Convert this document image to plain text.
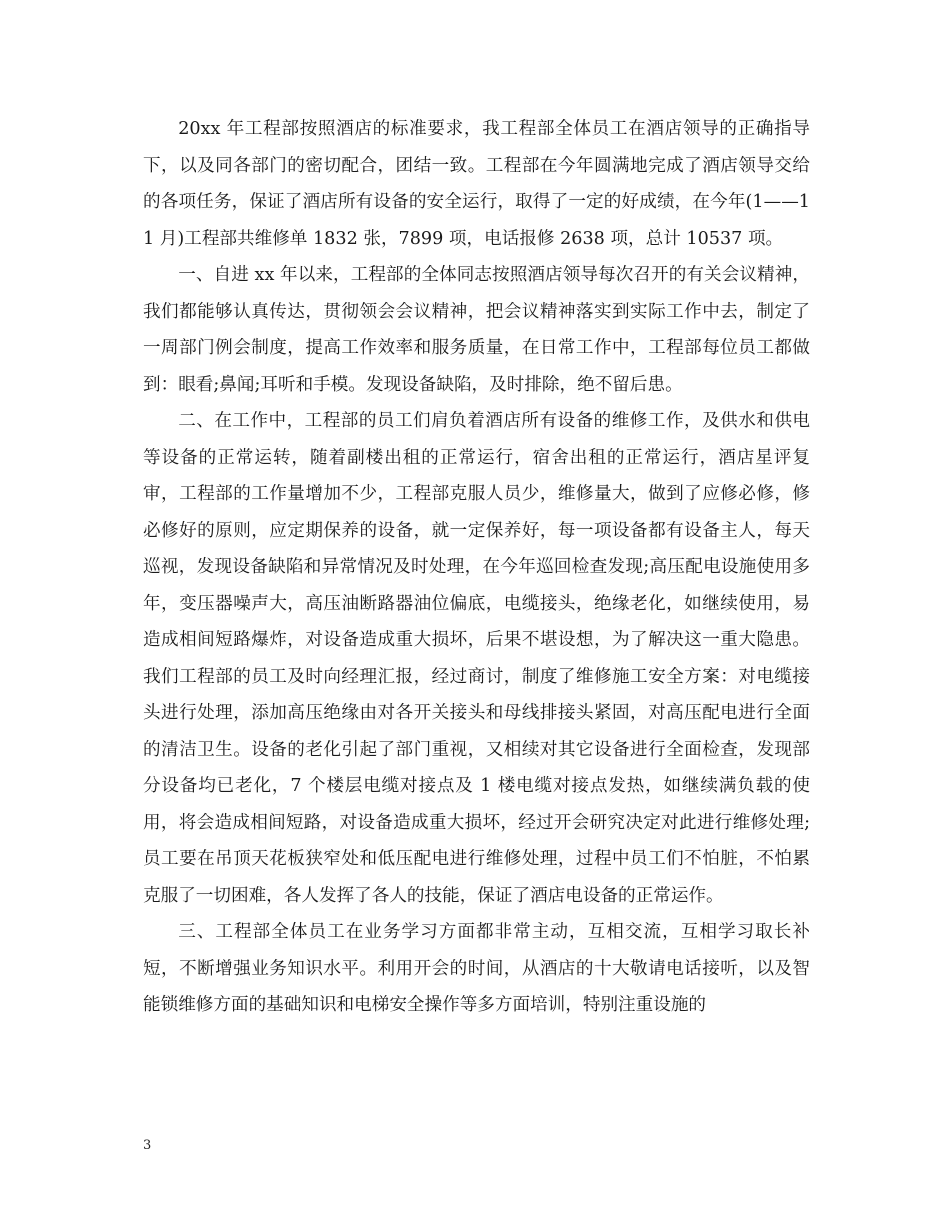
20xx 年工程部按照酒店的标准要求，我工程部全体员工在酒店领导的正确指导下，以及同各部门的密切配合，团结一致。工程部在今年圆满地完成了酒店领导交给的各项任务，保证了酒店所有设备的安全运行，取得了一定的好成绩，在今年(1——11 月)工程部共维修单 1832 张，7899 项，电话报修 2638 项，总计 10537 项。

一、自进 xx 年以来，工程部的全体同志按照酒店领导每次召开的有关会议精神，我们都能够认真传达，贯彻领会会议精神，把会议精神落实到实际工作中去，制定了一周部门例会制度，提高工作效率和服务质量，在日常工作中，工程部每位员工都做到：眼看;鼻闻;耳听和手模。发现设备缺陷，及时排除，绝不留后患。

二、在工作中，工程部的员工们肩负着酒店所有设备的维修工作，及供水和供电等设备的正常运转，随着副楼出租的正常运行，宿舍出租的正常运行，酒店星评复审，工程部的工作量增加不少，工程部克服人员少，维修量大，做到了应修必修，修必修好的原则，应定期保养的设备，就一定保养好，每一项设备都有设备主人，每天巡视，发现设备缺陷和异常情况及时处理，在今年巡回检查发现;高压配电设施使用多年，变压器噪声大，高压油断路器油位偏底，电缆接头，绝缘老化，如继续使用，易造成相间短路爆炸，对设备造成重大损坏，后果不堪设想，为了解决这一重大隐患。我们工程部的员工及时向经理汇报，经过商讨，制度了维修施工安全方案：对电缆接头进行处理，添加高压绝缘由对各开关接头和母线排接头紧固，对高压配电进行全面的清洁卫生。设备的老化引起了部门重视，又相续对其它设备进行全面检查，发现部分设备均已老化，7 个楼层电缆对接点及 1 楼电缆对接点发热，如继续满负载的使用，将会造成相间短路，对设备造成重大损坏，经过开会研究决定对此进行维修处理;员工要在吊顶天花板狭窄处和低压配电进行维修处理，过程中员工们不怕脏，不怕累克服了一切困难，各人发挥了各人的技能，保证了酒店电设备的正常运作。

三、工程部全体员工在业务学习方面都非常主动，互相交流，互相学习取长补短，不断增强业务知识水平。利用开会的时间，从酒店的十大敬请电话接听，以及智能锁维修方面的基础知识和电梯安全操作等多方面培训，特别注重设施的

3
